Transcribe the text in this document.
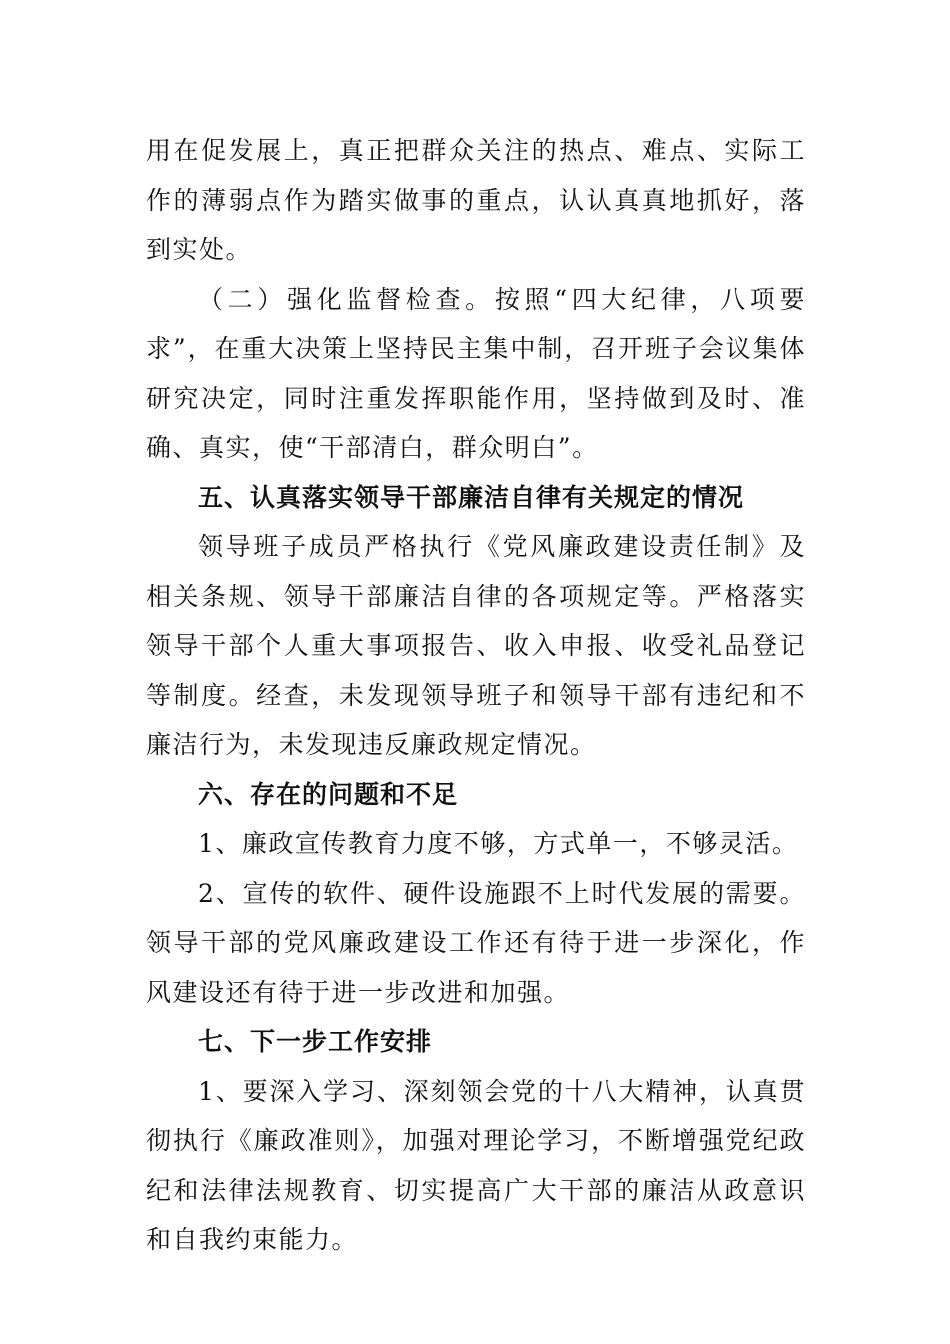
用在促发展上，真正把群众关注的热点、难点、实际工作的薄弱点作为踏实做事的重点，认认真真地抓好，落到实处。

（二）强化监督检查。按照“四大纪律，八项要求”，在重大决策上坚持民主集中制，召开班子会议集体研究决定，同时注重发挥职能作用，坚持做到及时、准确、真实，使“干部清白，群众明白”。

五、认真落实领导干部廉洁自律有关规定的情况

领导班子成员严格执行《党风廉政建设责任制》及相关条规、领导干部廉洁自律的各项规定等。严格落实领导干部个人重大事项报告、收入申报、收受礼品登记等制度。经查，未发现领导班子和领导干部有违纪和不廉洁行为，未发现违反廉政规定情况。

六、存在的问题和不足

1、廉政宣传教育力度不够，方式单一，不够灵活。

2、宣传的软件、硬件设施跟不上时代发展的需要。领导干部的党风廉政建设工作还有待于进一步深化，作风建设还有待于进一步改进和加强。

七、下一步工作安排

1、要深入学习、深刻领会党的十八大精神，认真贯彻执行《廉政准则》，加强对理论学习，不断增强党纪政纪和法律法规教育、切实提高广大干部的廉洁从政意识和自我约束能力。
